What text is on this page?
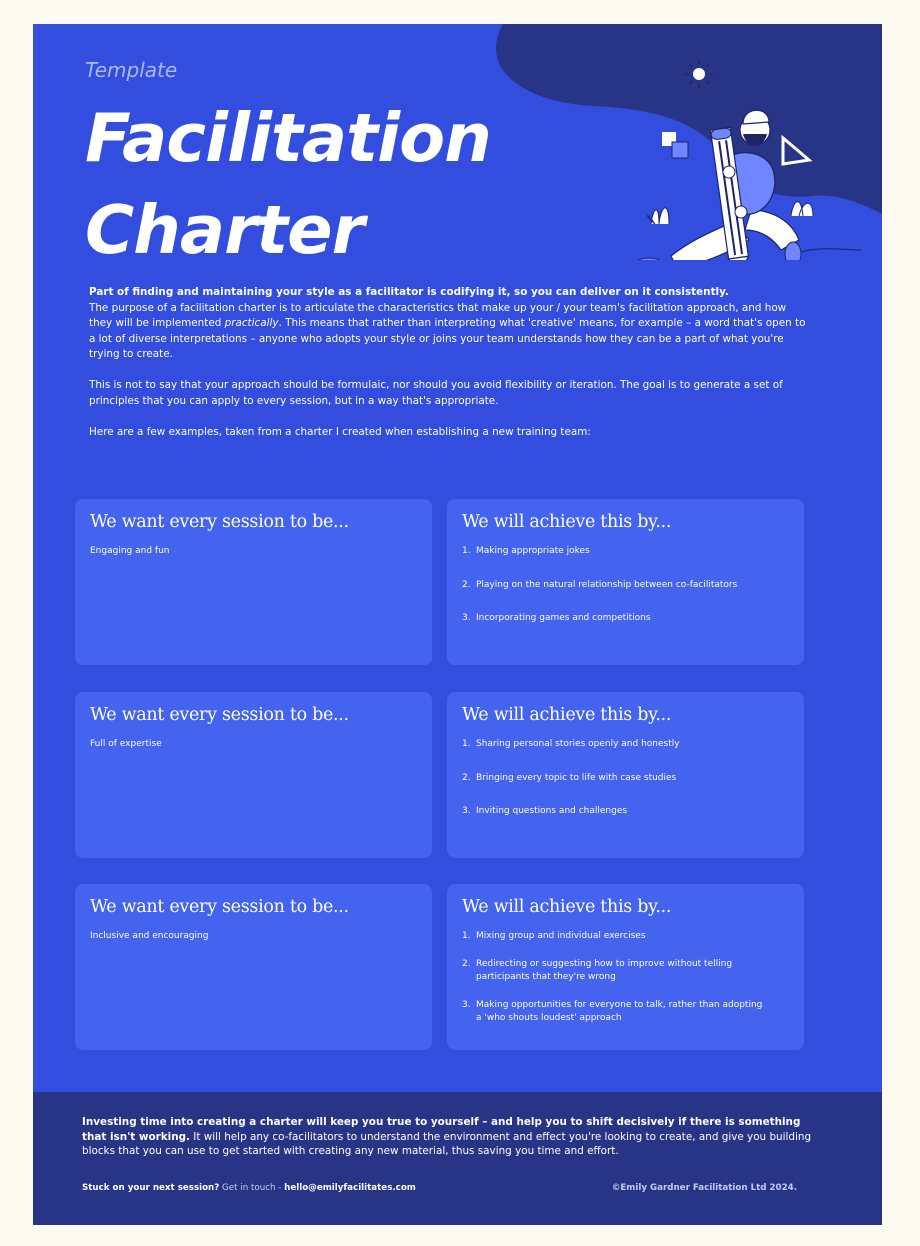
Template
Facilitation
Charter

Part of finding and maintaining your style as a facilitator is codifying it, so you can deliver on it consistently.

The purpose of a facilitation charter is to articulate the characteristics that make up your / your team's facilitation approach, and how they will be implemented practically. This means that rather than interpreting what 'creative' means, for example – a word that's open to a lot of diverse interpretations – anyone who adopts your style or joins your team understands how they can be a part of what you're trying to create.

This is not to say that your approach should be formulaic, nor should you avoid flexibility or iteration. The goal is to generate a set of principles that you can apply to every session, but in a way that's appropriate.

Here are a few examples, taken from a charter I created when establishing a new training team:

We want every session to be...
Engaging and fun
We will achieve this by...
1. Making appropriate jokes
2. Playing on the natural relationship between co-facilitators
3. Incorporating games and competitions
We want every session to be...
Full of expertise
We will achieve this by...
1. Sharing personal stories openly and honestly
2. Bringing every topic to life with case studies
3. Inviting questions and challenges
We want every session to be...
Inclusive and encouraging
We will achieve this by...
1. Mixing group and individual exercises
2. Redirecting or suggesting how to improve without telling participants that they're wrong
3. Making opportunities for everyone to talk, rather than adopting a 'who shouts loudest' approach
Investing time into creating a charter will keep you true to yourself – and help you to shift decisively if there is something that isn't working. It will help any co-facilitators to understand the environment and effect you're looking to create, and give you building blocks that you can use to get started with creating any new material, thus saving you time and effort.
Stuck on your next session? Get in touch - hello@emilyfacilitates.com	©Emily Gardner Facilitation Ltd 2024.
